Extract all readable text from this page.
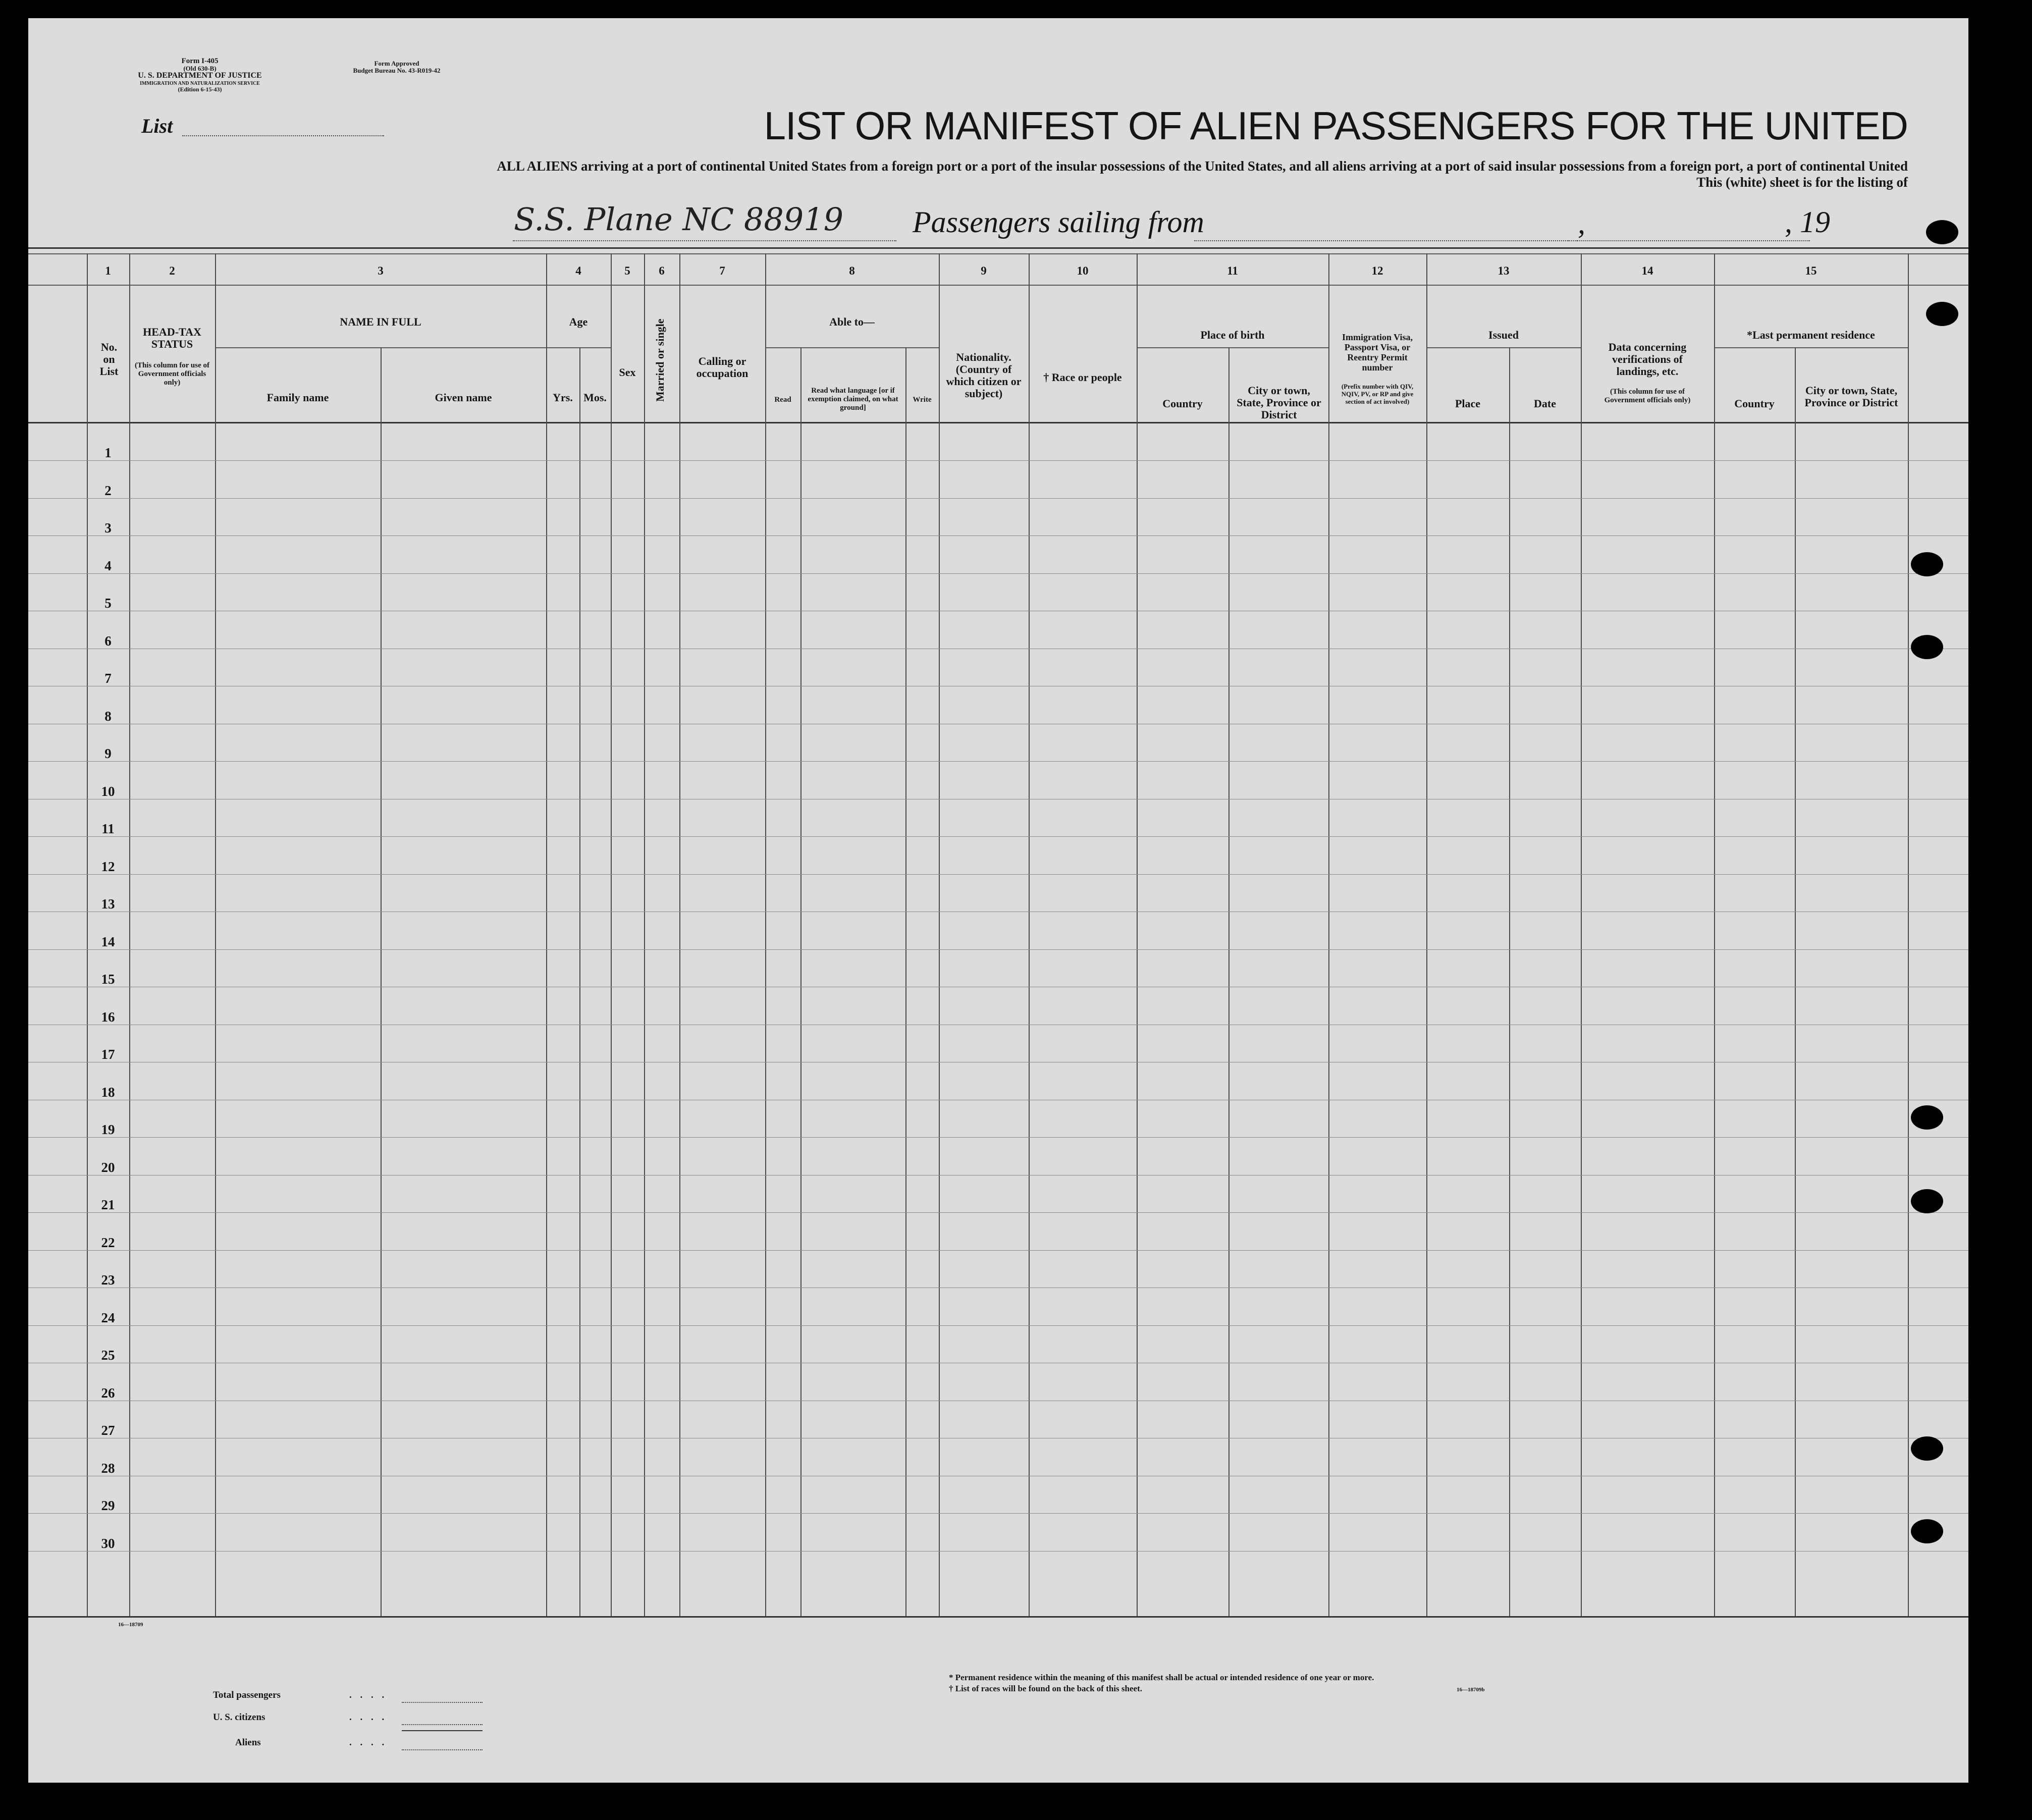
Form I-405
(Old 630-B)
U. S. DEPARTMENT OF JUSTICE
IMMIGRATION AND NATURALIZATION SERVICE
(Edition 6-15-43)
Form Approved
Budget Bureau No. 43-R019-42
List	LIST OR MANIFEST OF ALIEN PASSENGERS FOR THE UNITED
ALL ALIENS arriving at a port of continental United States from a foreign port or a port of the insular possessions of the United States, and all aliens arriving at a port of said insular possessions from a foreign port, a port of continental United
This (white) sheet is for the listing of
S.S. Plane NC 88919 Passengers sailing from	,	, 19
1	2	3	4	5	6	7	8	9	10	11	12	13	14	15
No. on List
HEAD-TAX STATUS
(This column for use of Government officials only)
NAME IN FULL
Family name	Given name
Age
Yrs. Mos.
Sex	Married or single	Calling or occupation
Able to—
Read
Read what language [or if exemption claimed, on what ground]
Write
Nationality. (Country of which citizen or subject)
† Race or people
Place of birth
Country
City or town, State, Province or District
Immigration Visa, Passport Visa, or Reentry Permit number
(Prefix number with QIV, NQIV, PV, or RP and give section of act involved)
Issued
Place	Date
Data concerning verifications of landings, etc.
(This column for use of Government officials only)
*Last permanent residence
Country
City or town, State, Province or District
1
2
3
4
5
6
7
8
9
10
11
12
13
14
15
16
17
18
19
20
21
22
23
24
25
26
27
28
29
30
16—18709
Total passengers	. . . .
U. S. citizens	. . . .
Aliens	. . . .
* Permanent residence within the meaning of this manifest shall be actual or intended residence of one year or more.
† List of races will be found on the back of this sheet.	16—18709b
